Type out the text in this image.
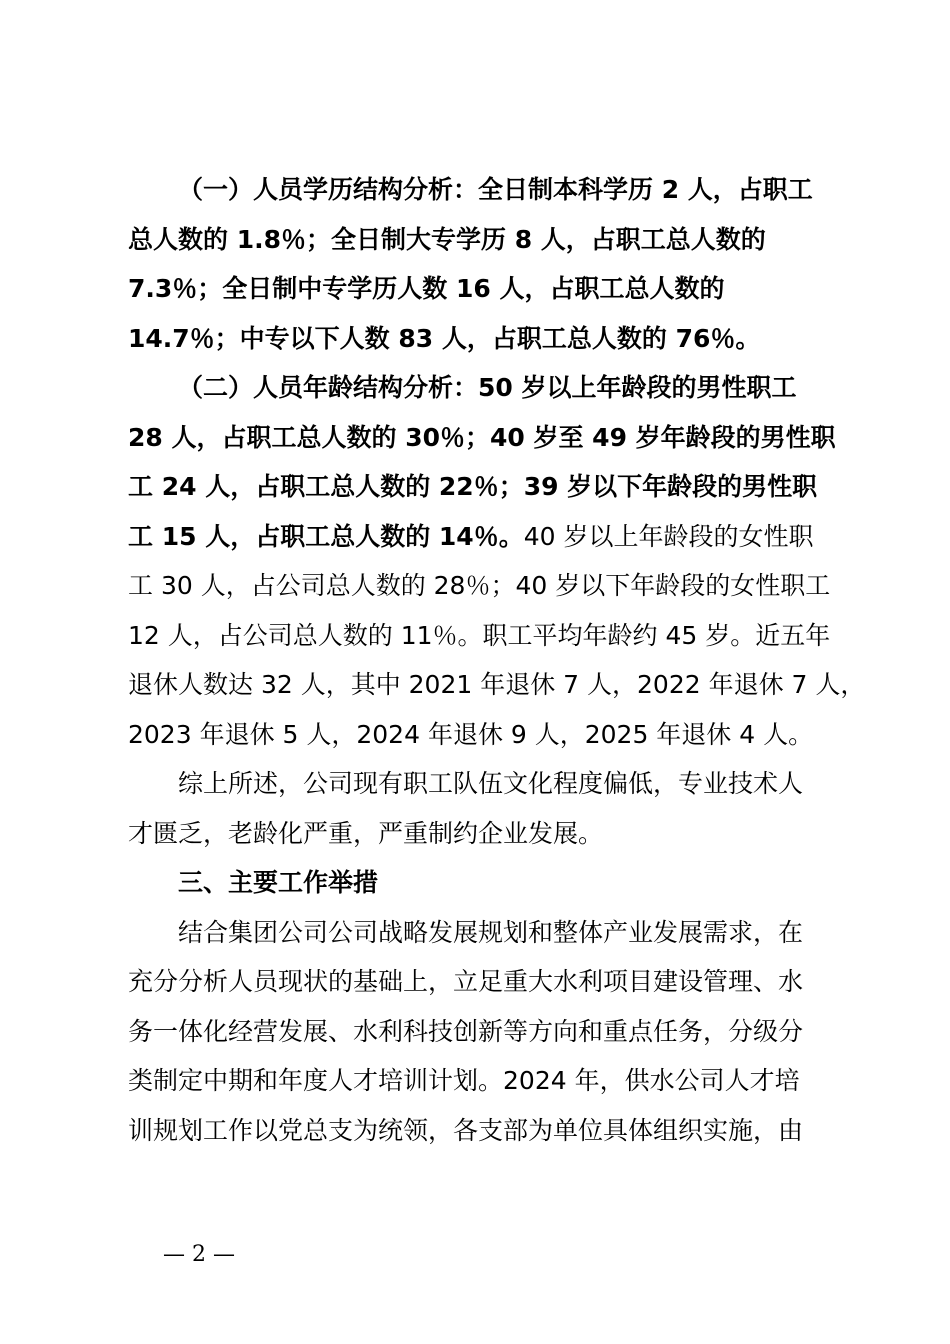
（一）人员学历结构分析：全日制本科学历 2 人，占职工
总人数的 1.8％；全日制大专学历 8 人，占职工总人数的
7.3％；全日制中专学历人数 16 人，占职工总人数的
14.7％；中专以下人数 83 人，占职工总人数的 76％。
（二）人员年龄结构分析：50 岁以上年龄段的男性职工
28 人，占职工总人数的 30％；40 岁至 49 岁年龄段的男性职
工 24 人，占职工总人数的 22％；39 岁以下年龄段的男性职
工 15 人，占职工总人数的 14％。40 岁以上年龄段的女性职
工 30 人，占公司总人数的 28％；40 岁以下年龄段的女性职工
12 人，占公司总人数的 11％。职工平均年龄约 45 岁。近五年
退休人数达 32 人，其中 2021 年退休 7 人，2022 年退休 7 人，
2023 年退休 5 人，2024 年退休 9 人，2025 年退休 4 人。
综上所述，公司现有职工队伍文化程度偏低，专业技术人
才匮乏，老龄化严重，严重制约企业发展。
三、主要工作举措
结合集团公司公司战略发展规划和整体产业发展需求，在
充分分析人员现状的基础上，立足重大水利项目建设管理、水
务一体化经营发展、水利科技创新等方向和重点任务，分级分
类制定中期和年度人才培训计划。2024 年，供水公司人才培
训规划工作以党总支为统领，各支部为单位具体组织实施，由
— 2 —
